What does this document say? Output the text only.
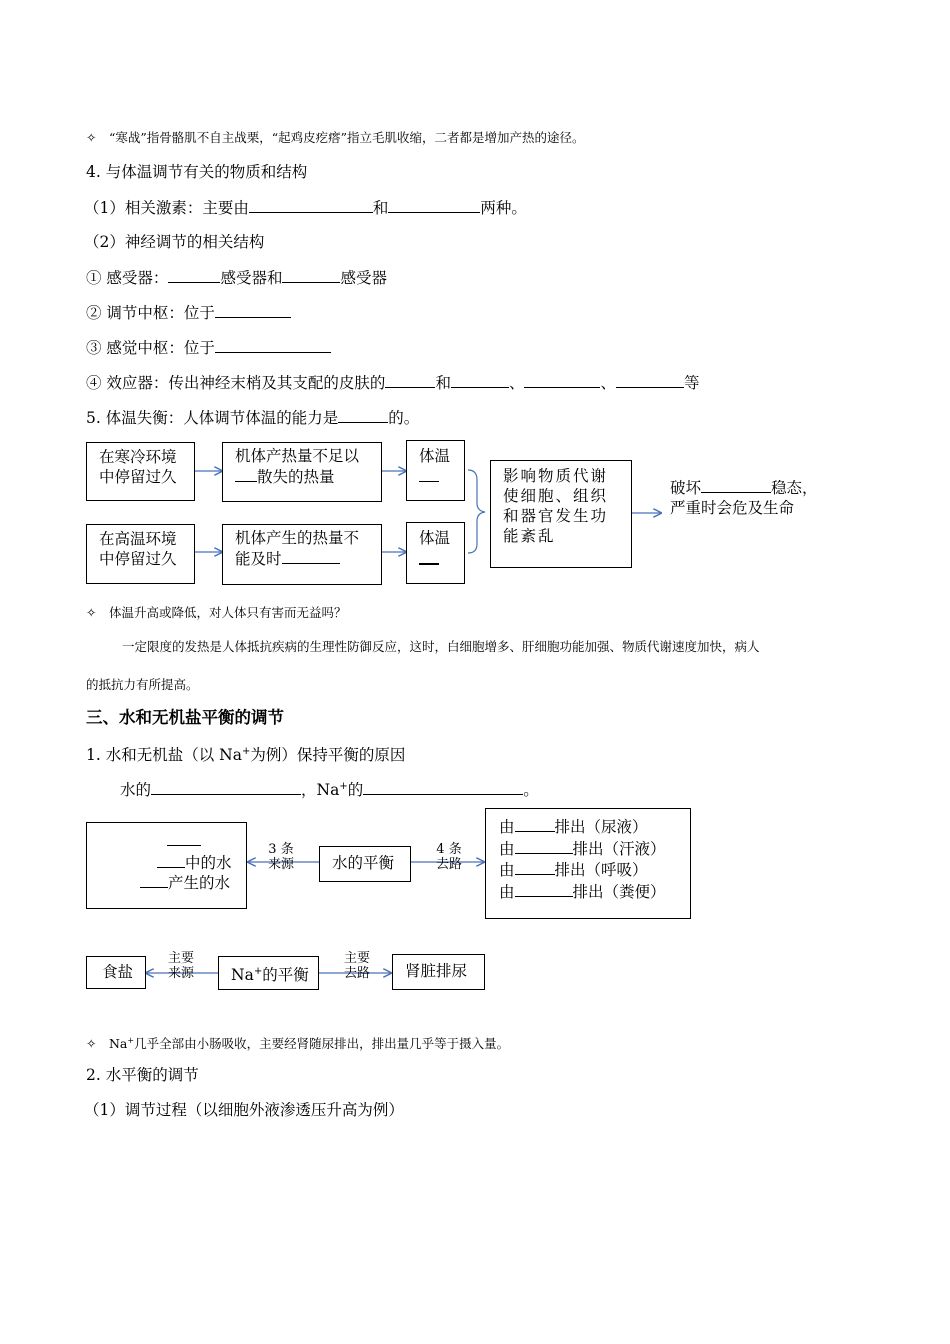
✧　“寒战”指骨骼肌不自主战栗，“起鸡皮疙瘩”指立毛肌收缩，二者都是增加产热的途径。
4. 与体温调节有关的物质和结构
（1）相关激素：主要由	和	两种。
（2）神经调节的相关结构
① 感受器：	感受器和	感受器
② 调节中枢：位于
③ 感觉中枢：位于
④ 效应器：传出神经末梢及其支配的皮肤的	和	、	、	等
5. 体温失衡：人体调节体温的能力是	的。
在寒冷环境中停留过久
在高温环境中停留过久
机体产热量不足以
散失的热量
机体产生的热量不
能及时
体温
体温
影响物质代谢使细胞、组织和器官发生功能紊乱
破坏	稳态，
严重时会危及生命
✧　体温升高或降低，对人体只有害而无益吗？
一定限度的发热是人体抵抗疾病的生理性防御反应，这时，白细胞增多、肝细胞功能加强、物质代谢速度加快，病人
的抵抗力有所提高。
三、水和无机盐平衡的调节
1. 水和无机盐（以 Na+为例）保持平衡的原因
水的	，Na+的	。
中的水
产生的水
3 条
来源	水的平衡
4 条
去路
由	排出（尿液）
由	排出（汗液）
由	排出（呼吸）
由	排出（粪便）
食盐
主要
来源	Na+的平衡
主要
去路	肾脏排尿
✧　Na+几乎全部由小肠吸收，主要经肾随尿排出，排出量几乎等于摄入量。
2. 水平衡的调节
（1）调节过程（以细胞外液渗透压升高为例）
